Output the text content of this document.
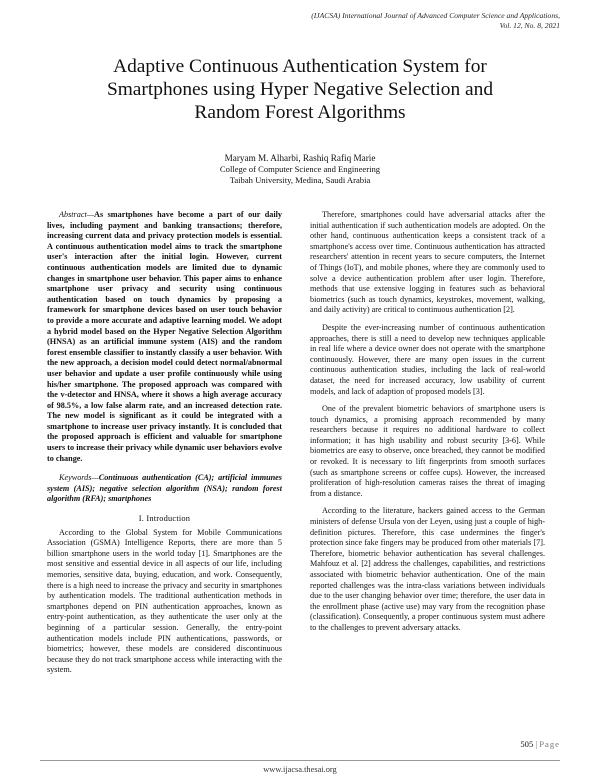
(IJACSA) International Journal of Advanced Computer Science and Applications,
Vol. 12, No. 8, 2021
Adaptive Continuous Authentication System for
Smartphones using Hyper Negative Selection and
Random Forest Algorithms
Maryam M. Alharbi, Rashiq Rafiq Marie
College of Computer Science and Engineering
Taibah University, Medina, Saudi Arabia

Abstract—As smartphones have become a part of our daily lives, including payment and banking transactions; therefore, increasing current data and privacy protection models is essential. A continuous authentication model aims to track the smartphone user's interaction after the initial login. However, current continuous authentication models are limited due to dynamic changes in smartphone user behavior. This paper aims to enhance smartphone user privacy and security using continuous authentication based on touch dynamics by proposing a framework for smartphone devices based on user touch behavior to provide a more accurate and adaptive learning model. We adopt a hybrid model based on the Hyper Negative Selection Algorithm (HNSA) as an artificial immune system (AIS) and the random forest ensemble classifier to instantly classify a user behavior. With the new approach, a decision model could detect normal/abnormal user behavior and update a user profile continuously while using his/her smartphone. The proposed approach was compared with the v-detector and HNSA, where it shows a high average accuracy of 98.5%, a low false alarm rate, and an increased detection rate. The new model is significant as it could be integrated with a smartphone to increase user privacy instantly. It is concluded that the proposed approach is efficient and valuable for smartphone users to increase their privacy while dynamic user behaviors evolve to change.

Keywords—Continuous authentication (CA); artificial immunes system (AIS); negative selection algorithm (NSA); random forest algorithm (RFA); smartphones

I. Introduction

According to the Global System for Mobile Communications Association (GSMA) Intelligence Reports, there are more than 5 billion smartphone users in the world today [1]. Smartphones are the most sensitive and essential device in all aspects of our life, including memories, sensitive data, buying, education, and work. Consequently, there is a high need to increase the privacy and security in smartphones by authentication models. The traditional authentication methods in smartphones depend on PIN authentication approaches, known as entry-point authentication, as they authenticate the user only at the beginning of a particular session. Generally, the entry-point authentication models include PIN authentications, passwords, or biometrics; however, these models are considered discontinuous because they do not track smartphone access while interacting with the system.

Therefore, smartphones could have adversarial attacks after the initial authentication if such authentication models are adopted. On the other hand, continuous authentication keeps a consistent track of a smartphone's access over time. Continuous authentication has attracted researchers' attention in recent years to secure computers, the Internet of Things (IoT), and mobile phones, where they are commonly used to solve a device authentication problem after user login. Therefore, methods that use extensive logging in features such as behavioral biometrics (such as touch dynamics, keystrokes, movement, walking, and daily activity) are critical to continuous authentication [2].

Despite the ever-increasing number of continuous authentication approaches, there is still a need to develop new techniques applicable in real life where a device owner does not operate with the smartphone continuously. However, there are many open issues in the current continuous authentication studies, including the lack of real-world dataset, the need for increased accuracy, low usability of current models, and lack of adaption of proposed models [3].

One of the prevalent biometric behaviors of smartphone users is touch dynamics, a promising approach recommended by many researchers because it requires no additional hardware to collect information; it has high usability and robust security [3-6]. While biometrics are easy to observe, once breached, they cannot be modified or revoked. It is necessary to lift fingerprints from smooth surfaces (such as smartphone screens or coffee cups). However, the increased proliferation of high-resolution cameras raises the threat of imaging from a distance.

According to the literature, hackers gained access to the German ministers of defense Ursula von der Leyen, using just a couple of high-definition pictures. Therefore, this case undermines the finger's protection since fake fingers may be produced from other materials [7]. Therefore, biometric behavior authentication has several challenges. Mahfouz et al. [2] address the challenges, capabilities, and restrictions associated with biometric behavior authentication. One of the main reported challenges was the intra-class variations between individuals due to the user changing behavior over time; therefore, the user data in the enrollment phase (active use) may vary from the recognition phase (classification). Consequently, a proper continuous system must adhere to the challenges to prevent adversary attacks.

505 | Page
www.ijacsa.thesai.org
